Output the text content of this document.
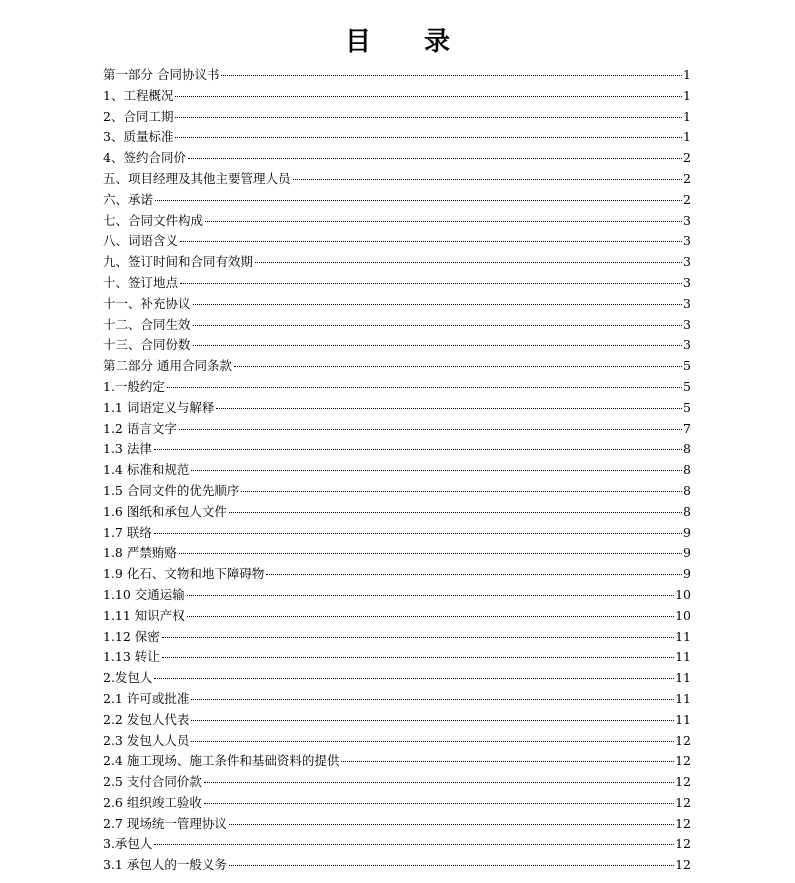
目 录
第一部分 合同协议书	1
1、工程概况	1
2、合同工期	1
3、质量标准	1
4、签约合同价	2
五、项目经理及其他主要管理人员	2
六、承诺	2
七、合同文件构成	3
八、词语含义	3
九、签订时间和合同有效期	3
十、签订地点	3
十一、补充协议	3
十二、合同生效	3
十三、合同份数	3
第二部分 通用合同条款	5
1.一般约定	5
1.1 词语定义与解释	5
1.2 语言文字	7
1.3 法律	8
1.4 标准和规范	8
1.5 合同文件的优先顺序	8
1.6 图纸和承包人文件	8
1.7 联络	9
1.8 严禁贿赂	9
1.9 化石、文物和地下障碍物	9
1.10 交通运输	10
1.11 知识产权	10
1.12 保密	11
1.13 转让	11
2.发包人	11
2.1 许可或批准	11
2.2 发包人代表	11
2.3 发包人人员	12
2.4 施工现场、施工条件和基础资料的提供	12
2.5 支付合同价款	12
2.6 组织竣工验收	12
2.7 现场统一管理协议	12
3.承包人	12
3.1 承包人的一般义务	12
